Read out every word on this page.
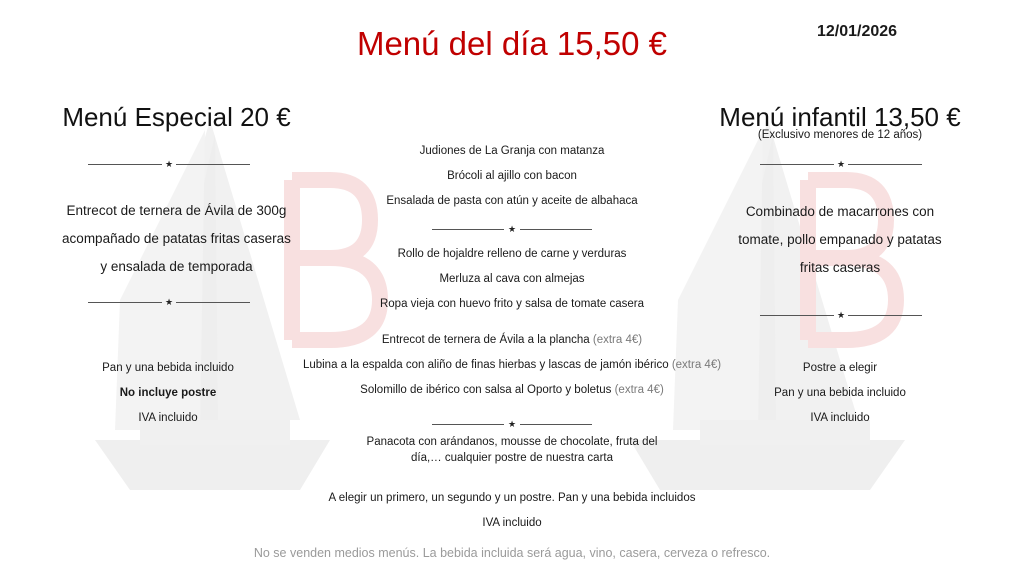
Menú del día 15,50 €	12/01/2026
Menú Especial 20 €
★
Entrecot de ternera de Ávila de 300g
acompañado de patatas fritas caseras
y ensalada de temporada
★
Pan y una bebida incluido
No incluye postre
IVA incluido
Judiones de La Granja con matanza
Brócoli al ajillo con bacon
Ensalada de pasta con atún y aceite de albahaca
★
Rollo de hojaldre relleno de carne y verduras
Merluza al cava con almejas
Ropa vieja con huevo frito y salsa de tomate casera
Entrecot de ternera de Ávila a la plancha (extra 4€)
Lubina a la espalda con aliño de finas hierbas y lascas de jamón ibérico (extra 4€)
Solomillo de ibérico con salsa al Oporto y boletus (extra 4€)
★
Panacota con arándanos, mousse de chocolate, fruta del
día,… cualquier postre de nuestra carta
A elegir un primero, un segundo y un postre. Pan y una bebida incluidos
IVA incluido
Menú infantil 13,50 €
(Exclusivo menores de 12 años)
★
Combinado de macarrones con
tomate, pollo empanado y patatas
fritas caseras
★
Postre a elegir
Pan y una bebida incluido
IVA incluido
No se venden medios menús. La bebida incluida será agua, vino, casera, cerveza o refresco.
